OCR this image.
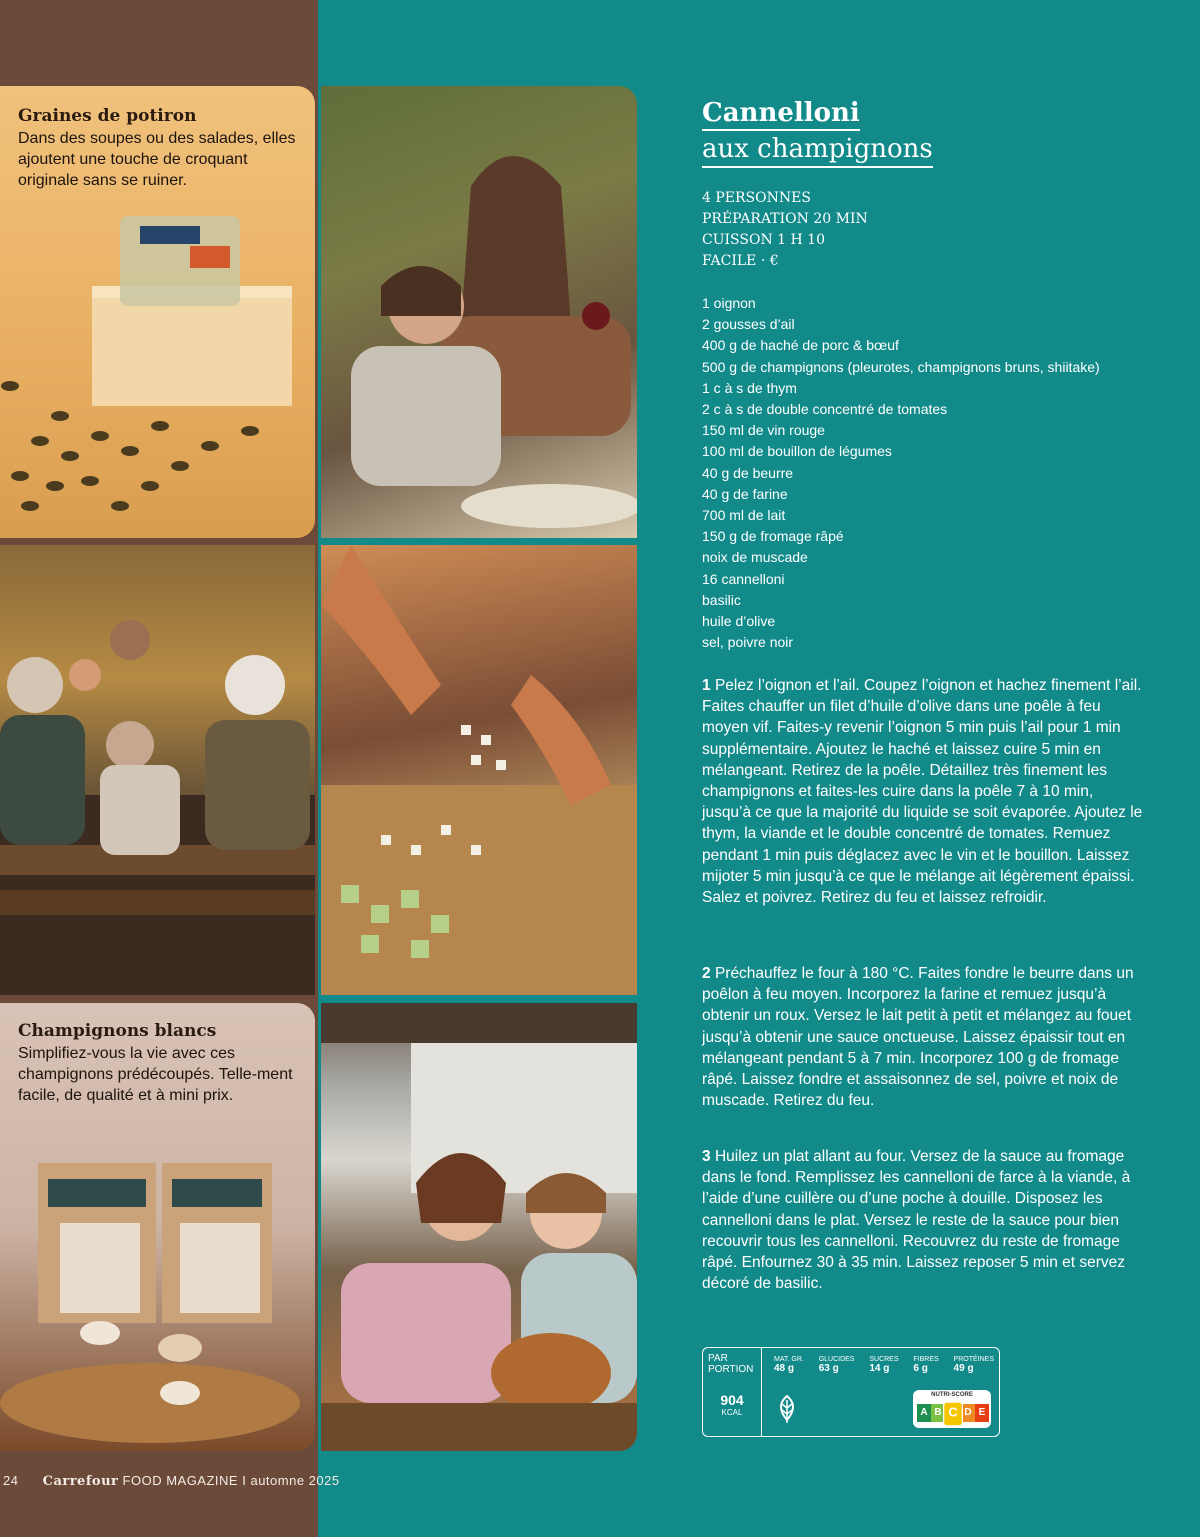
Graines de potiron
Dans des soupes ou des salades, elles ajoutent une touche de croquant originale sans se ruiner.
Champignons blancs
Simplifiez-vous la vie avec ces champignons prédécoupés. Telle-ment facile, de qualité et à mini prix.
Cannelloni
aux champignons
4 PERSONNES
PRÉPARATION 20 MIN
CUISSON 1 H 10
FACILE · €
1 oignon
2 gousses d’ail
400 g de haché de porc & bœuf
500 g de champignons (pleurotes, champignons bruns, shiitake)
1 c à s de thym
2 c à s de double concentré de tomates
150 ml de vin rouge
100 ml de bouillon de légumes
40 g de beurre
40 g de farine
700 ml de lait
150 g de fromage râpé
noix de muscade
16 cannelloni
basilic
huile d’olive
sel, poivre noir

1 Pelez l’oignon et l’ail. Coupez l’oignon et hachez finement l’ail. Faites chauffer un filet d’huile d’olive dans une poêle à feu moyen vif. Faites-y revenir l’oignon 5 min puis l’ail pour 1 min supplémentaire. Ajoutez le haché et laissez cuire 5 min en mélangeant. Retirez de la poêle. Détaillez très finement les champignons et faites-les cuire dans la poêle 7 à 10 min, jusqu’à ce que la majorité du liquide se soit évaporée. Ajoutez le thym, la viande et le double concentré de tomates. Remuez pendant 1 min puis déglacez avec le vin et le bouillon. Laissez mijoter 5 min jusqu’à ce que le mélange ait légèrement épaissi. Salez et poivrez. Retirez du feu et laissez refroidir.

2 Préchauffez le four à 180 °C. Faites fondre le beurre dans un poêlon à feu moyen. Incorporez la farine et remuez jusqu’à obtenir un roux. Versez le lait petit à petit et mélangez au fouet jusqu’à obtenir une sauce onctueuse. Laissez épaissir tout en mélangeant pendant 5 à 7 min. Incorporez 100 g de fromage râpé. Laissez fondre et assaisonnez de sel, poivre et noix de muscade. Retirez du feu.

3 Huilez un plat allant au four. Versez de la sauce au fromage dans le fond. Remplissez les cannelloni de farce à la viande, à l’aide d’une cuillère ou d’une poche à douille. Disposez les cannelloni dans le plat. Versez le reste de la sauce pour bien recouvrir tous les cannelloni. Recouvrez du reste de fromage râpé. Enfournez 30 à 35 min. Laissez reposer 5 min et servez décoré de basilic.

PAR PORTION
904
KCAL
MAT. GR.
48 g
GLUCIDES
63 g
SUCRES
14 g
FIBRES
6 g
PROTÉINES
49 g
NUTRI-SCORE
A B C D E
24 Carrefour FOOD MAGAZINE I automne 2025
